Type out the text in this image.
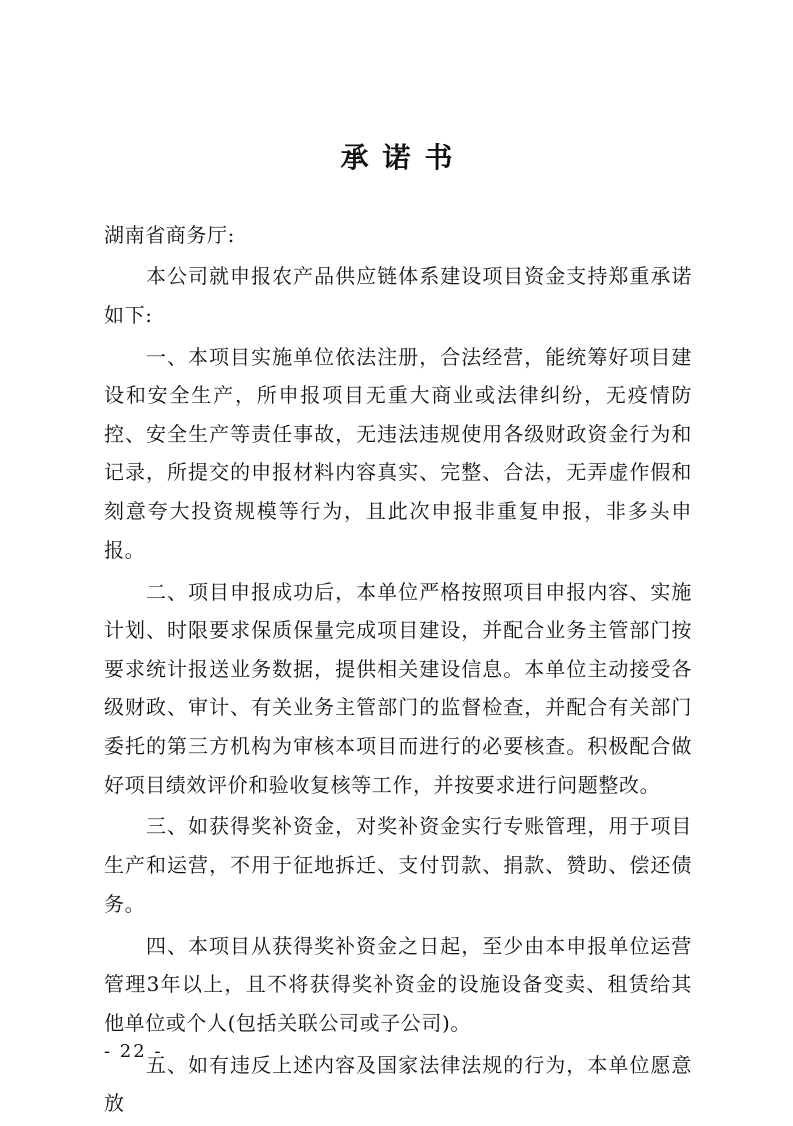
承诺书
湖南省商务厅:

本公司就申报农产品供应链体系建设项目资金支持郑重承诺如下:

一、本项目实施单位依法注册，合法经营，能统筹好项目建设和安全生产，所申报项目无重大商业或法律纠纷，无疫情防控、安全生产等责任事故，无违法违规使用各级财政资金行为和记录，所提交的申报材料内容真实、完整、合法，无弄虚作假和刻意夸大投资规模等行为，且此次申报非重复申报，非多头申报。

二、项目申报成功后，本单位严格按照项目申报内容、实施计划、时限要求保质保量完成项目建设，并配合业务主管部门按要求统计报送业务数据，提供相关建设信息。本单位主动接受各级财政、审计、有关业务主管部门的监督检查，并配合有关部门委托的第三方机构为审核本项目而进行的必要核查。积极配合做好项目绩效评价和验收复核等工作，并按要求进行问题整改。

三、如获得奖补资金，对奖补资金实行专账管理，用于项目生产和运营，不用于征地拆迁、支付罚款、捐款、赞助、偿还债务。

四、本项目从获得奖补资金之日起，至少由本申报单位运营管理3年以上，且不将获得奖补资金的设施设备变卖、租赁给其他单位或个人(包括关联公司或子公司)。

五、如有违反上述内容及国家法律法规的行为，本单位愿意放

- 22 -
